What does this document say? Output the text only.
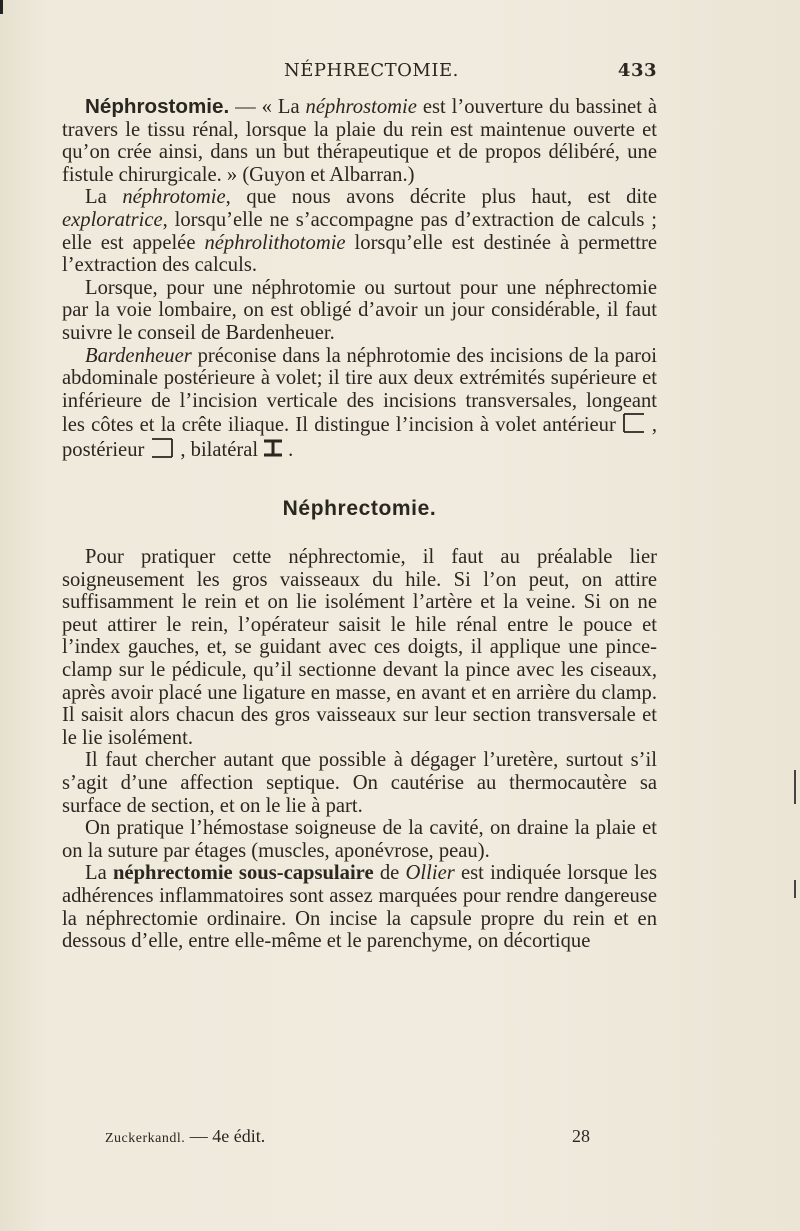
NÉPHRECTOMIE.	433

Néphrostomie. — « La néphrostomie est l’ouverture du bassinet à travers le tissu rénal, lorsque la plaie du rein est maintenue ouverte et qu’on crée ainsi, dans un but thérapeutique et de propos délibéré, une fistule chirurgicale. » (Guyon et Albarran.)

La néphrotomie, que nous avons décrite plus haut, est dite exploratrice, lorsqu’elle ne s’accompagne pas d’extraction de calculs ; elle est appelée néphrolithotomie lorsqu’elle est destinée à permettre l’extraction des calculs.

Lorsque, pour une néphrotomie ou surtout pour une néphrectomie par la voie lombaire, on est obligé d’avoir un jour considérable, il faut suivre le conseil de Bardenheuer.

Bardenheuer préconise dans la néphrotomie des incisions de la paroi abdominale postérieure à volet; il tire aux deux extrémités supérieure et inférieure de l’incision verticale des incisions transversales, longeant les côtes et la crête iliaque. Il distingue l’incision à volet antérieur , postérieur , bilatéral .

Néphrectomie.

Pour pratiquer cette néphrectomie, il faut au préalable lier soigneusement les gros vaisseaux du hile. Si l’on peut, on attire suffisamment le rein et on lie isolément l’artère et la veine. Si on ne peut attirer le rein, l’opérateur saisit le hile rénal entre le pouce et l’index gauches, et, se guidant avec ces doigts, il applique une pince-clamp sur le pédicule, qu’il sectionne devant la pince avec les ciseaux, après avoir placé une ligature en masse, en avant et en arrière du clamp. Il saisit alors chacun des gros vaisseaux sur leur section transversale et le lie isolément.

Il faut chercher autant que possible à dégager l’uretère, surtout s’il s’agit d’une affection septique. On cautérise au thermocautère sa surface de section, et on le lie à part.

On pratique l’hémostase soigneuse de la cavité, on draine la plaie et on la suture par étages (muscles, aponévrose, peau).

La néphrectomie sous-capsulaire de Ollier est indiquée lorsque les adhérences inflammatoires sont assez marquées pour rendre dangereuse la néphrectomie ordinaire. On incise la capsule propre du rein et en dessous d’elle, entre elle-même et le parenchyme, on décortique

Zuckerkandl. — 4e édit.	28
